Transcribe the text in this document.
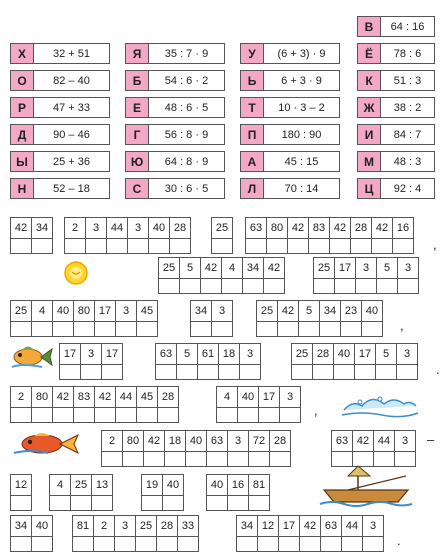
В	64 : 16
Х	32 + 51	Я	35 : 7 · 9	У	(6 + 3) · 9	Ё	78 : 6
О	82 – 40	Б	54 : 6 · 2	Ь	6 + 3 · 9	К	51 : 3
Р	47 + 33	Е	48 : 6 · 5	Т	10 · 3 – 2	Ж	38 : 2
Д	90 – 46	Г	56 : 8 · 9	П	180 : 90	И	84 : 7
Ы	25 + 36	Ю	64 : 8 · 9	А	45 : 15	М	48 : 3
Н	52 – 18	С	30 : 6 · 5	Л	70 : 14	Ц	92 : 4
42 34	2	3	44	3	40 28	25	63 80 42 83 42 28 42 16
,
25	5	42	4	34 42	25 17	3	5	3
25	4	40 80 17	3	45	34	3	25 42	5	34 23 40
,
17	3	17	63	5	61 18	3	25 28 40 17	5	3
.
2	80 42 83 42 44 45 28	4	40 17	3
,
2	80 42 18 40 63	3	72 28	63 42 44	3	–
12	4	25 13	19 40	40 16 81
34 40	81	2	3	25 28 33	34 12 17 42 63 44	3
.
